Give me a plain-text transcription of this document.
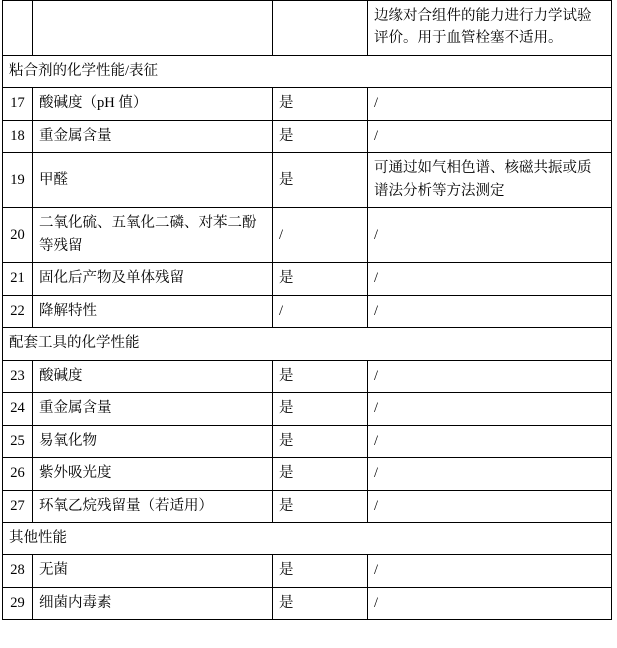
			边缘对合组件的能力进行力学试验评价。用于血管栓塞不适用。
粘合剂的化学性能/表征			
17	酸碱度（pH 值）	是	/
18	重金属含量	是	/
19	甲醛	是	可通过如气相色谱、核磁共振或质谱法分析等方法测定
20	二氧化硫、五氧化二磷、对苯二酚等残留	/	/
21	固化后产物及单体残留	是	/
22	降解特性	/	/
配套工具的化学性能			
23	酸碱度	是	/
24	重金属含量	是	/
25	易氧化物	是	/
26	紫外吸光度	是	/
27	环氧乙烷残留量（若适用）	是	/
其他性能			
28	无菌	是	/
29	细菌内毒素	是	/
